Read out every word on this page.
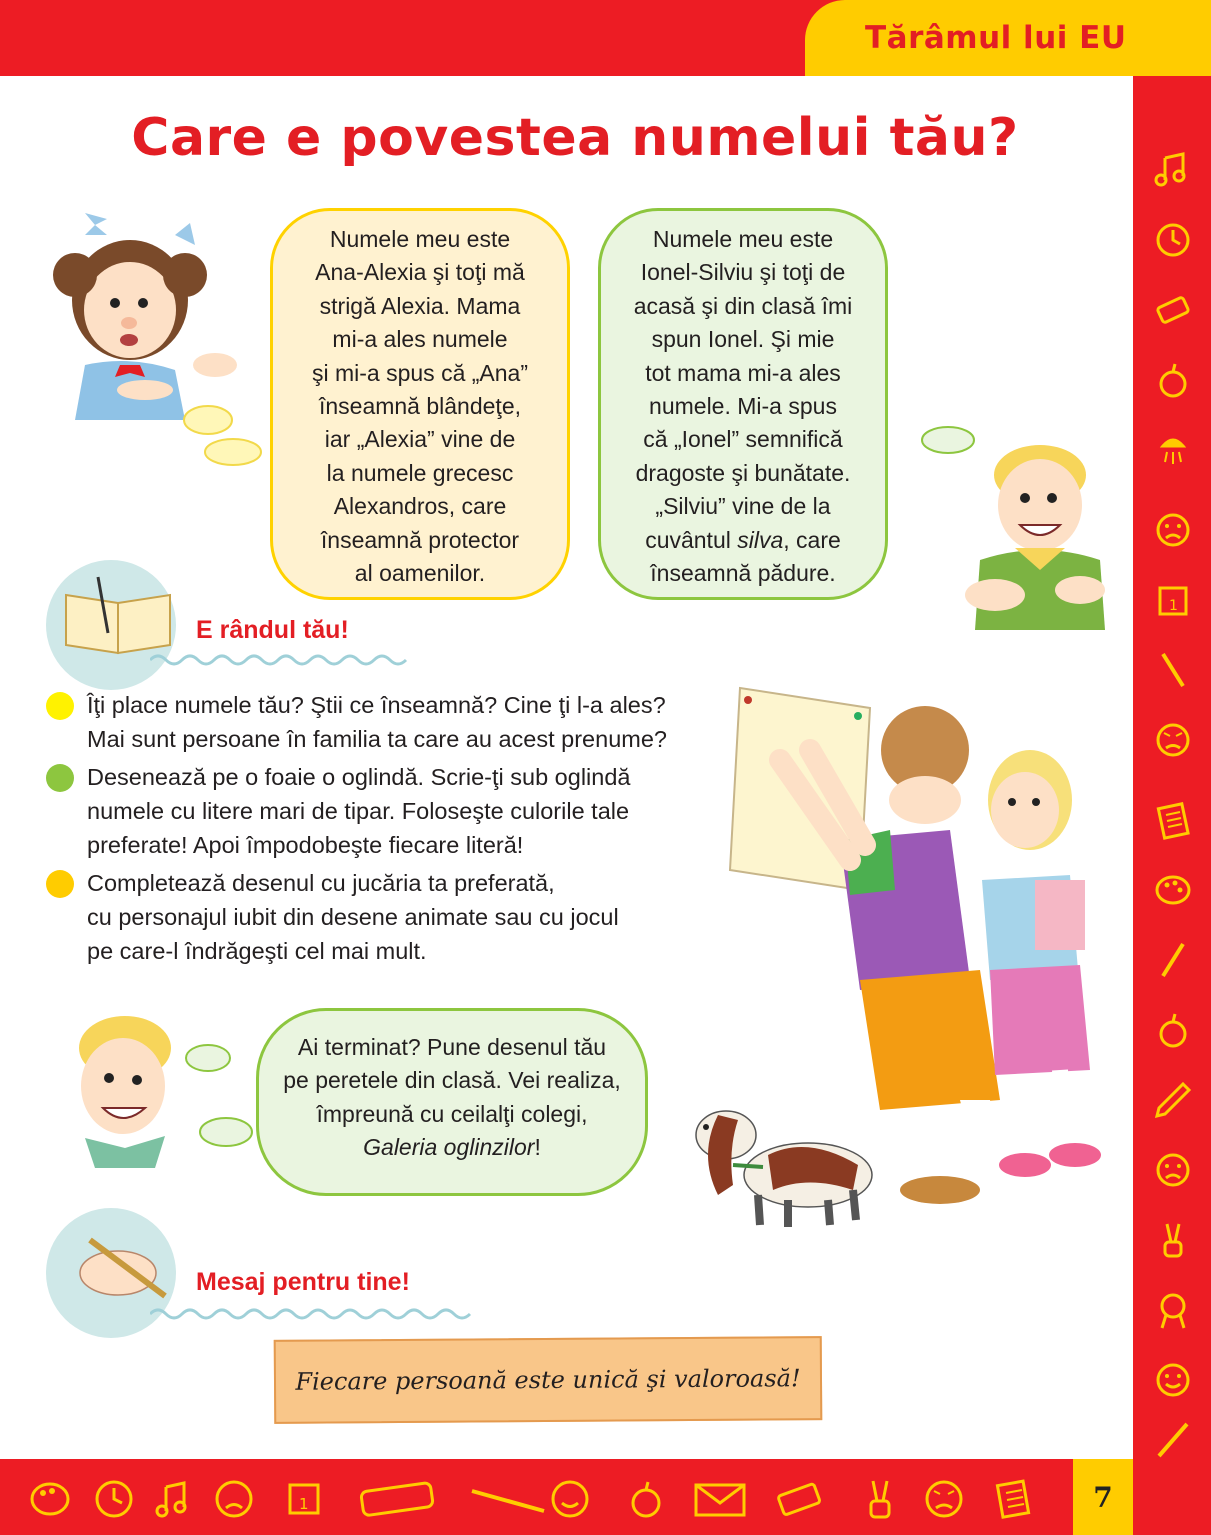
Tărâmul lui EU
1
1	7
Care e povestea numelui tău?

Numele meu este

Ana-Alexia şi toţi mă

strigă Alexia. Mama

mi-a ales numele

şi mi-a spus că „Ana”

înseamnă blândeţe,

iar „Alexia” vine de

la numele grecesc

Alexandros, care

înseamnă protector

al oamenilor.

Numele meu este

Ionel-Silviu şi toţi de

acasă şi din clasă îmi

spun Ionel. Şi mie

tot mama mi-a ales

numele. Mi-a spus

că „Ionel” semnifică

dragoste şi bunătate.

„Silviu” vine de la

cuvântul silva, care

înseamnă pădure.

E rândul tău!
Îţi place numele tău? Ştii ce înseamnă? Cine ţi l-a ales?
Mai sunt persoane în familia ta care au acest prenume?
Desenează pe o foaie o oglindă. Scrie-ţi sub oglindă
numele cu litere mari de tipar. Foloseşte culorile tale
preferate! Apoi împodobeşte fiecare literă!
Completează desenul cu jucăria ta preferată,
cu personajul iubit din desene animate sau cu jocul
pe care-l îndrăgeşti cel mai mult.

Ai terminat? Pune desenul tău

pe peretele din clasă. Vei realiza,

împreună cu ceilalţi colegi,

Galeria oglinzilor!

Mesaj pentru tine!
Fiecare persoană este unică şi valoroasă!
